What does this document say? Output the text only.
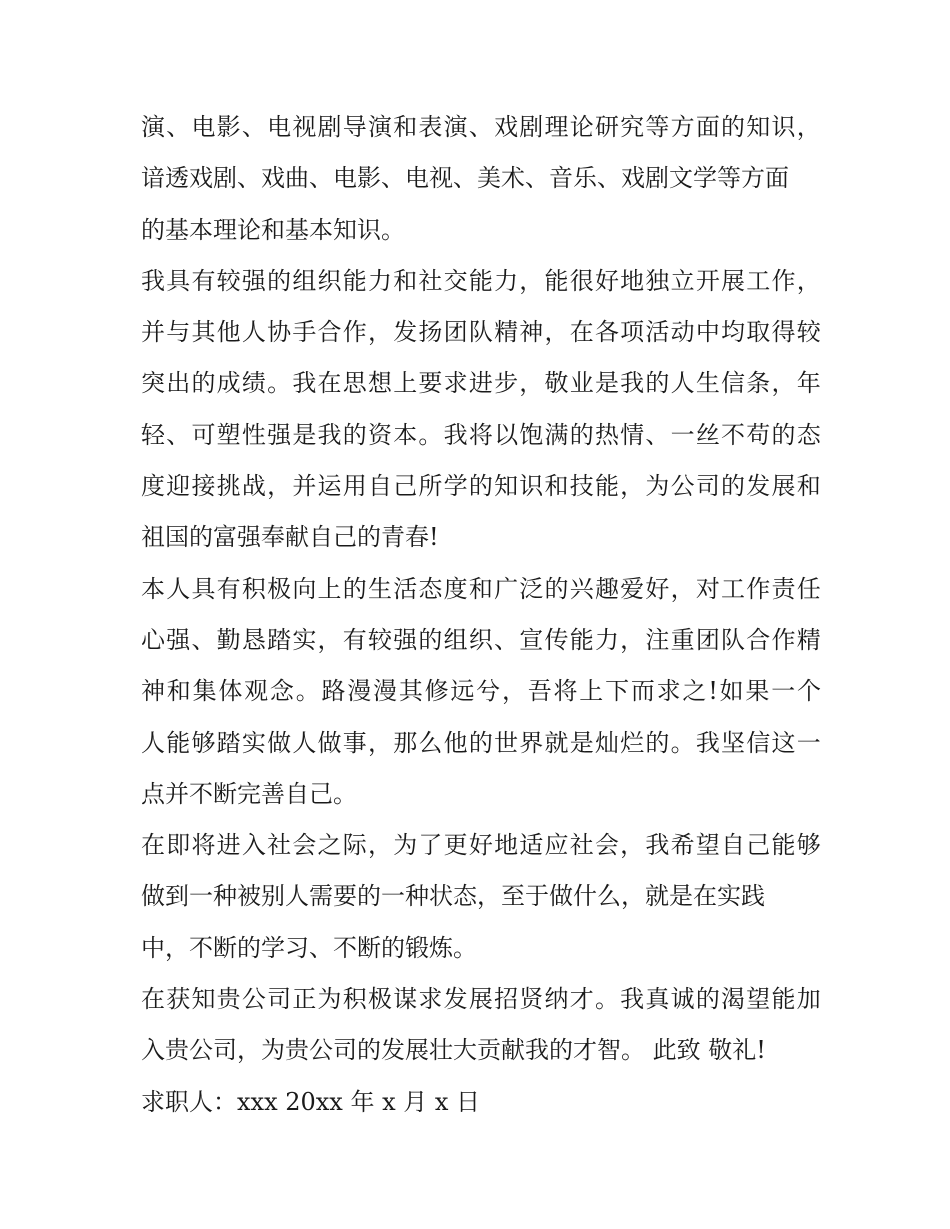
演 、 电 影 、 电 视 剧 导 演 和 表 演 、 戏 剧 理 论 研 究 等 方 面 的 知 识 ，
谙透戏剧、戏曲、电影、电视、美术、音乐、戏剧文学等方面
的基本理论和基本知识。
我 具 有 较 强 的 组 织 能 力 和 社 交 能 力 ， 能 很 好 地 独 立 开 展 工 作 ，
并 与 其 他 人 协 手 合 作 ， 发 扬 团 队 精 神 ， 在 各 项 活 动 中 均 取 得 较
突 出 的 成 绩 。 我 在 思 想 上 要 求 进 步 ， 敬 业 是 我 的 人 生 信 条 ， 年
轻 、 可 塑 性 强 是 我 的 资 本 。 我 将 以 饱 满 的 热 情 、 一 丝 不 苟 的 态
度 迎 接 挑 战 ， 并 运 用 自 己 所 学 的 知 识 和 技 能 ， 为 公 司 的 发 展 和
祖国的富强奉献自己的青春!
本 人 具 有 积 极 向 上 的 生 活 态 度 和 广 泛 的 兴 趣 爱 好 ， 对 工 作 责 任
心 强 、 勤 恳 踏 实 ， 有 较 强 的 组 织 、 宣 传 能 力 ， 注 重 团 队 合 作 精
神 和 集 体 观 念 。 路 漫 漫 其 修 远 兮 ， 吾 将 上 下 而 求 之 ! 如 果 一 个
人 能 够 踏 实 做 人 做 事 ， 那 么 他 的 世 界 就 是 灿 烂 的 。 我 坚 信 这 一
点并不断完善自己。
在 即 将 进 入 社 会 之 际 ， 为 了 更 好 地 适 应 社 会 ， 我 希 望 自 己 能 够
做到一种被别人需要的一种状态，至于做什么，就是在实践
中，不断的学习、不断的锻炼。
在 获 知 贵 公 司 正 为 积 极 谋 求 发 展 招 贤 纳 才 。 我 真 诚 的 渴 望 能 加
入贵公司，为贵公司的发展壮大贡献我的才智。 此致 敬礼!
求职人：xxx 20xx 年 x 月 x 日
